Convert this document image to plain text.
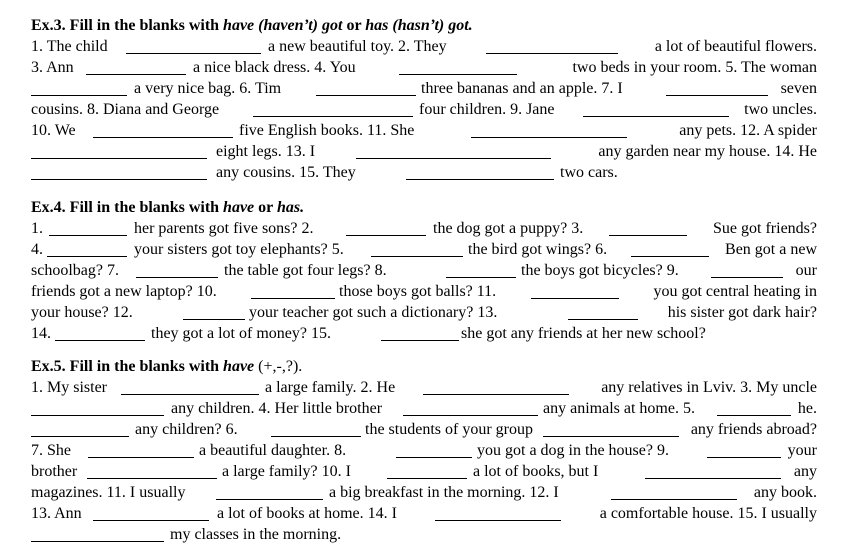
Ex.3. Fill in the blanks with have (haven’t) got or has (hasn’t) got.
1. The child	a new beautiful toy. 2. They	a lot of beautiful flowers.
3. Ann	a nice black dress. 4. You	two beds in your room. 5. The woman
a very nice bag. 6. Tim	three bananas and an apple. 7. I	seven
cousins. 8. Diana and George	four children. 9. Jane	two uncles.
10. We	five English books. 11. She	any pets. 12. A spider
eight legs. 13. I	any garden near my house. 14. He
any cousins. 15. They	two cars.
Ex.4. Fill in the blanks with have or has.
1.	her parents got five sons? 2.	the dog got a puppy? 3.	Sue got friends?
4.	your sisters got toy elephants? 5.	the bird got wings? 6.	Ben got a new
schoolbag? 7.	the table got four legs? 8.	the boys got bicycles? 9.	our
friends got a new laptop? 10.	those boys got balls? 11.	you got central heating in
your house? 12.	your teacher got such a dictionary? 13.	his sister got dark hair?
14.	they got a lot of money? 15.	she got any friends at her new school?
Ex.5. Fill in the blanks with have (+,-,?).
1. My sister	a large family. 2. He	any relatives in Lviv. 3. My uncle
any children. 4. Her little brother	any animals at home. 5.	he.
any children? 6.	the students of your group	any friends abroad?
7. She	a beautiful daughter. 8.	you got a dog in the house? 9.	your
brother	a large family? 10. I	a lot of books, but I	any
magazines. 11. I usually	a big breakfast in the morning. 12. I	any book.
13. Ann	a lot of books at home. 14. I	a comfortable house. 15. I usually
my classes in the morning.
